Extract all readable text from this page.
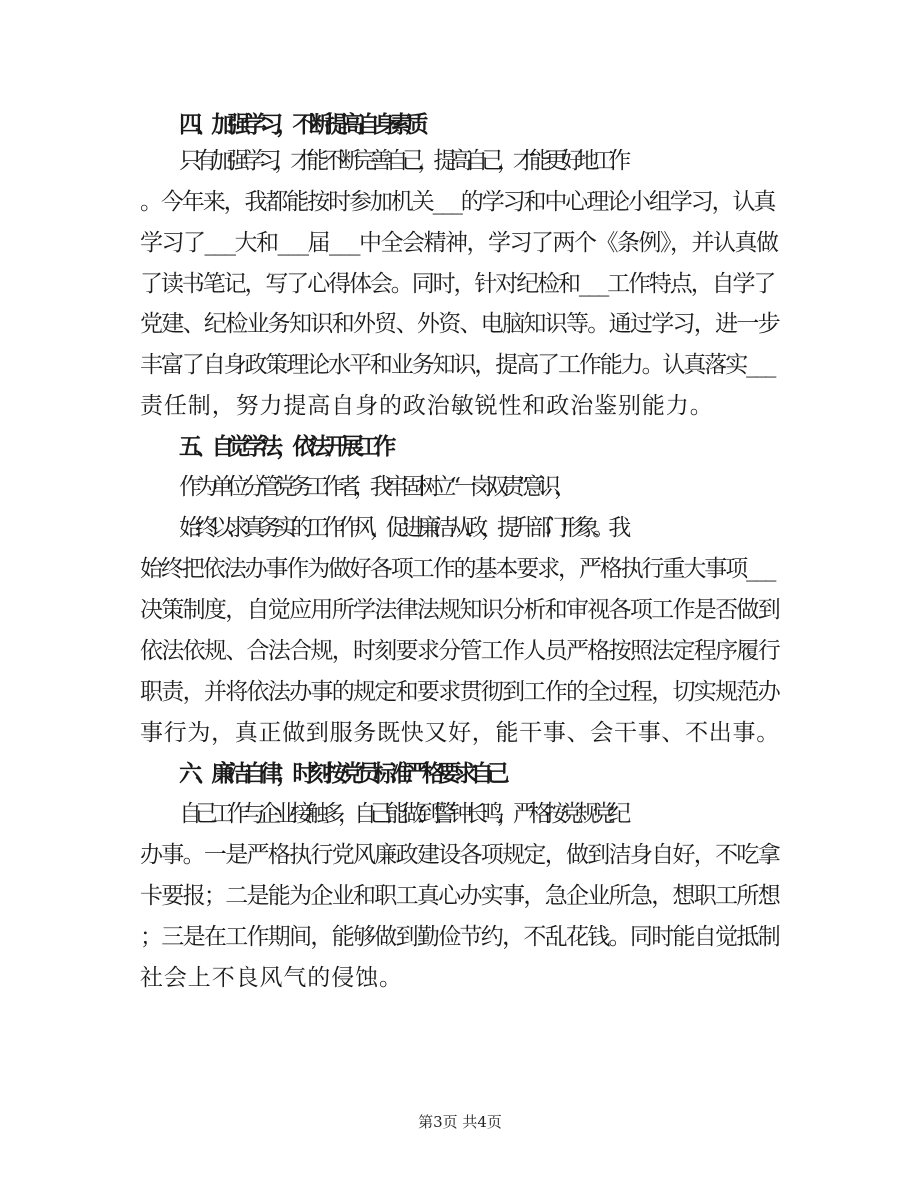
四、加强学习，不断提高自身素质
只有加强学习，才能不断完善自己，提高自己，才能更好地工作
。今年来，我都能按时参加机关___的学习和中心理论小组学习，认真
学习了___大和___届___中全会精神，学习了两个《条例》，并认真做
了读书笔记，写了心得体会。同时，针对纪检和___工作特点，自学了
党建、纪检业务知识和外贸、外资、电脑知识等。通过学习，进一步
丰富了自身政策理论水平和业务知识，提高了工作能力。认真落实___
责任制，努力提高自身的政治敏锐性和政治鉴别能力。
五、自觉学法，依法开展工作
作为单位分管党务工作者，我牢固树立“一岗双责”意识，
始终以求真务实的工作作风，促进廉洁从政，提升部门形象。我
始终把依法办事作为做好各项工作的基本要求，严格执行重大事项___
决策制度，自觉应用所学法律法规知识分析和审视各项工作是否做到
依法依规、合法合规，时刻要求分管工作人员严格按照法定程序履行
职责，并将依法办事的规定和要求贯彻到工作的全过程，切实规范办
事行为，真正做到服务既快又好，能干事、会干事、不出事。
六、廉洁自律，时刻按党员标准严格要求自己
自己工作与企业接触多，自己能做到警钟长鸣，严格按党规党纪
办事。一是严格执行党风廉政建设各项规定，做到洁身自好，不吃拿
卡要报；二是能为企业和职工真心办实事，急企业所急，想职工所想
；三是在工作期间，能够做到勤俭节约，不乱花钱。同时能自觉抵制
社会上不良风气的侵蚀。
第3页 共4页
